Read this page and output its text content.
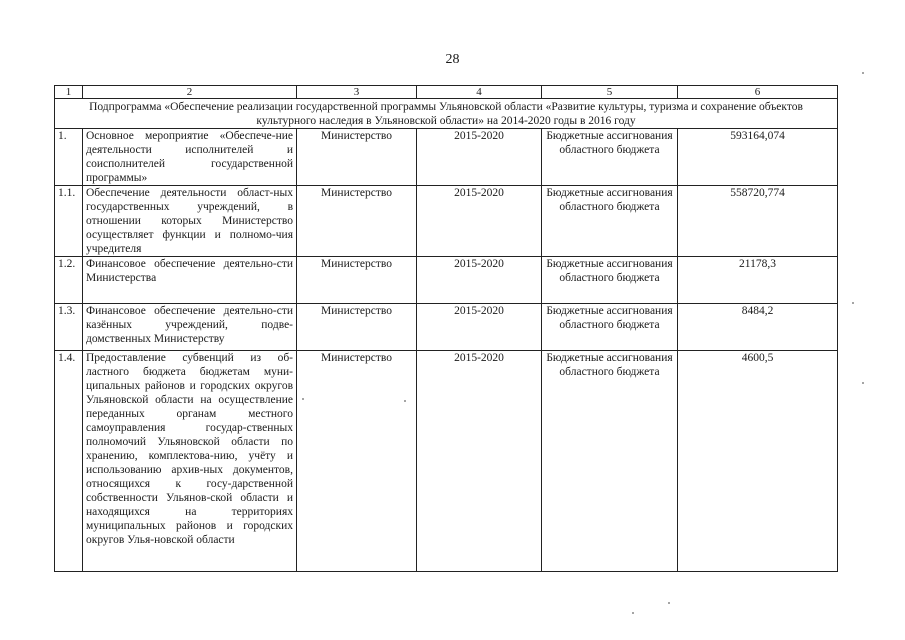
28
1	2	3	4	5	6
Подпрограмма «Обеспечение реализации государственной программы Ульяновской области «Развитие культуры, туризма и сохранение объектов культурного наследия в Ульяновской области» на 2014-2020 годы в 2016 году					
1.	Основное мероприятие «Обеспече-ние деятельности исполнителей и соисполнителей государственной программы»	Министерство	2015-2020	Бюджетные ассигнования областного бюджета	593164,074
1.1.	Обеспечение деятельности област-ных государственных учреждений, в отношении которых Министерство осуществляет функции и полномо-чия учредителя	Министерство	2015-2020	Бюджетные ассигнования областного бюджета	558720,774
1.2.	Финансовое обеспечение деятельно-сти Министерства	Министерство	2015-2020	Бюджетные ассигнования областного бюджета	21178,3
1.3.	Финансовое обеспечение деятельно-сти казённых учреждений, подве-домственных Министерству	Министерство	2015-2020	Бюджетные ассигнования областного бюджета	8484,2
1.4.	Предоставление субвенций из об-ластного бюджета бюджетам муни-ципальных районов и городских округов Ульяновской области на осуществление переданных органам местного самоуправления государ-ственных полномочий Ульяновской области по хранению, комплектова-нию, учёту и использованию архив-ных документов, относящихся к госу-дарственной собственности Ульянов-ской области и находящихся на территориях муниципальных районов и городских округов Улья-новской области	Министерство	2015-2020	Бюджетные ассигнования областного бюджета	4600,5
